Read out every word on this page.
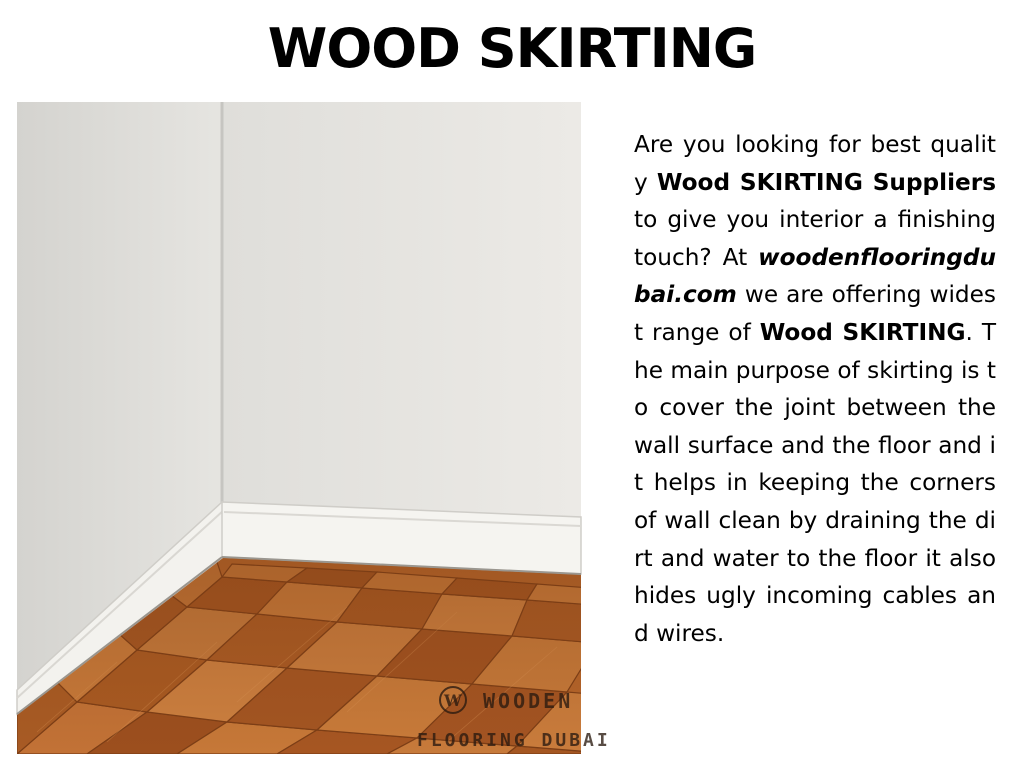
WOOD SKIRTING
W WOODEN
FLOORING DUBAI
Are you looking for best quality Wood SKIRTING Suppliers to give you interior a finishing touch? At woodenflooringdubai.com we are offering widest range of Wood SKIRTING. The main purpose of skirting is to cover the joint between the wall surface and the floor and it helps in keeping the corners of wall clean by draining the dirt and water to the floor it also hides ugly incoming cables and wires.
